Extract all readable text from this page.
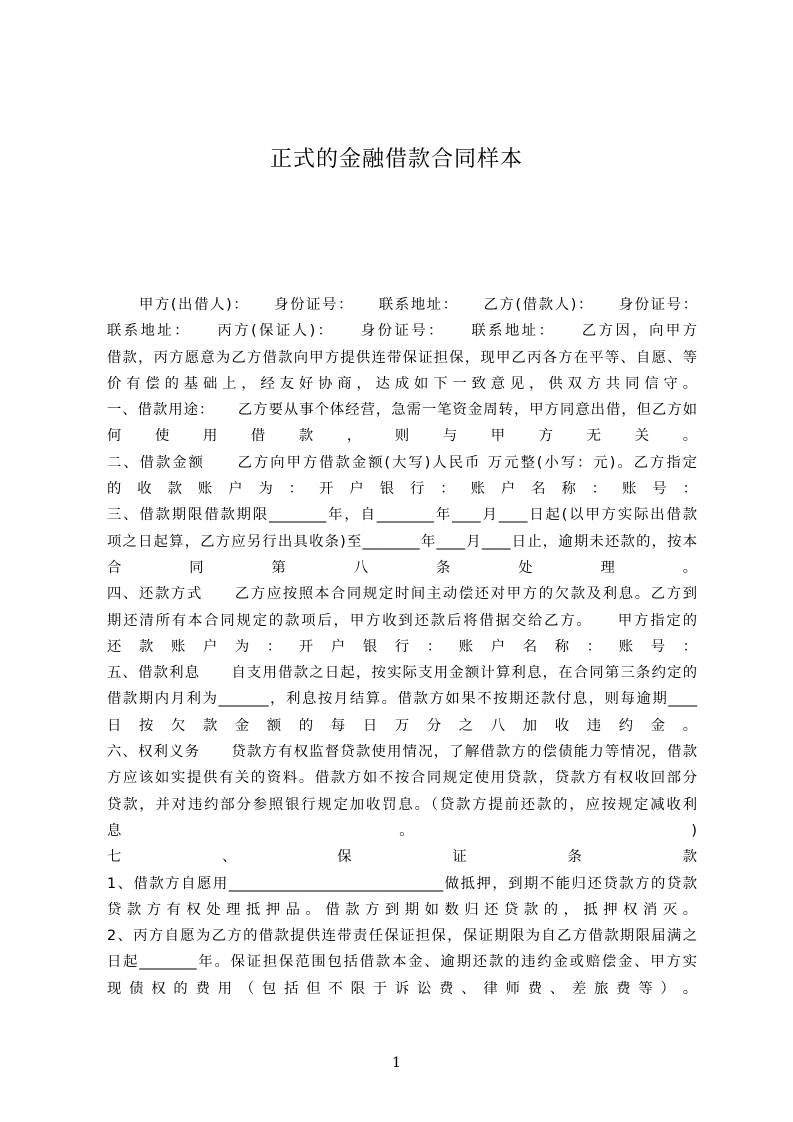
正式的金融借款合同样本
　　甲方(出借人)：　　身份证号：　　联系地址：　　乙方(借款人)：　　身份证号：
联系地址：　　丙方(保证人)：　　身份证号：　　联系地址：　　乙方因，向甲方
借款，丙方愿意为乙方借款向甲方提供连带保证担保，现甲乙丙各方在平等、自愿、等
价 有 偿 的 基 础 上 ， 经 友 好 协 商 ， 达 成 如 下 一 致 意 见 ， 供 双 方 共 同 信 守 。
一、借款用途：　　乙方要从事个体经营，急需一笔资金周转，甲方同意出借，但乙方如
何 使 用 借 款 ， 则 与 甲 方 无 关 。
二、借款金额　　乙方向甲方借款金额(大写)人民币 万元整(小写：元)。乙方指定
的 收 款 账 户 为 ： 开 户 银 行 ： 账 户 名 称 ： 账 号 ：
三、借款期限借款期限________年，自________年____月____日起(以甲方实际出借款
项之日起算，乙方应另行出具收条)至________年____月____日止，逾期未还款的，按本
合 同 第 八 条 处 理 。
四、还款方式　　乙方应按照本合同规定时间主动偿还对甲方的欠款及利息。乙方到
期还清所有本合同规定的款项后，甲方收到还款后将借据交给乙方。　　甲方指定的
还 款 账 户 为 ： 开 户 银 行 ： 账 户 名 称 ： 账 号 ：
五、借款利息　　自支用借款之日起，按实际支用金额计算利息，在合同第三条约定的
借款期内月利为_______，利息按月结算。借款方如果不按期还款付息，则每逾期____
日 按 欠 款 金 额 的 每 日 万 分 之 八 加 收 违 约 金 。
六、权利义务　　贷款方有权监督贷款使用情况，了解借款方的偿债能力等情况，借款
方应该如实提供有关的资料。借款方如不按合同规定使用贷款，贷款方有权收回部分
贷款，并对违约部分参照银行规定加收罚息。（贷款方提前还款的，应按规定减收利
息 。 )
七 、 保 证 条 款
1、借款方自愿用______________________________做抵押，到期不能归还贷款方的贷款
贷 款 方 有 权 处 理 抵 押 品 。 借 款 方 到 期 如 数 归 还 贷 款 的 ， 抵 押 权 消 灭 。
2、丙方自愿为乙方的借款提供连带责任保证担保，保证期限为自乙方借款期限届满之
日起________年。保证担保范围包括借款本金、逾期还款的违约金或赔偿金、甲方实
现 债 权 的 费 用 （ 包 括 但 不 限 于 诉 讼 费 、 律 师 费 、 差 旅 费 等 ） 。

1
